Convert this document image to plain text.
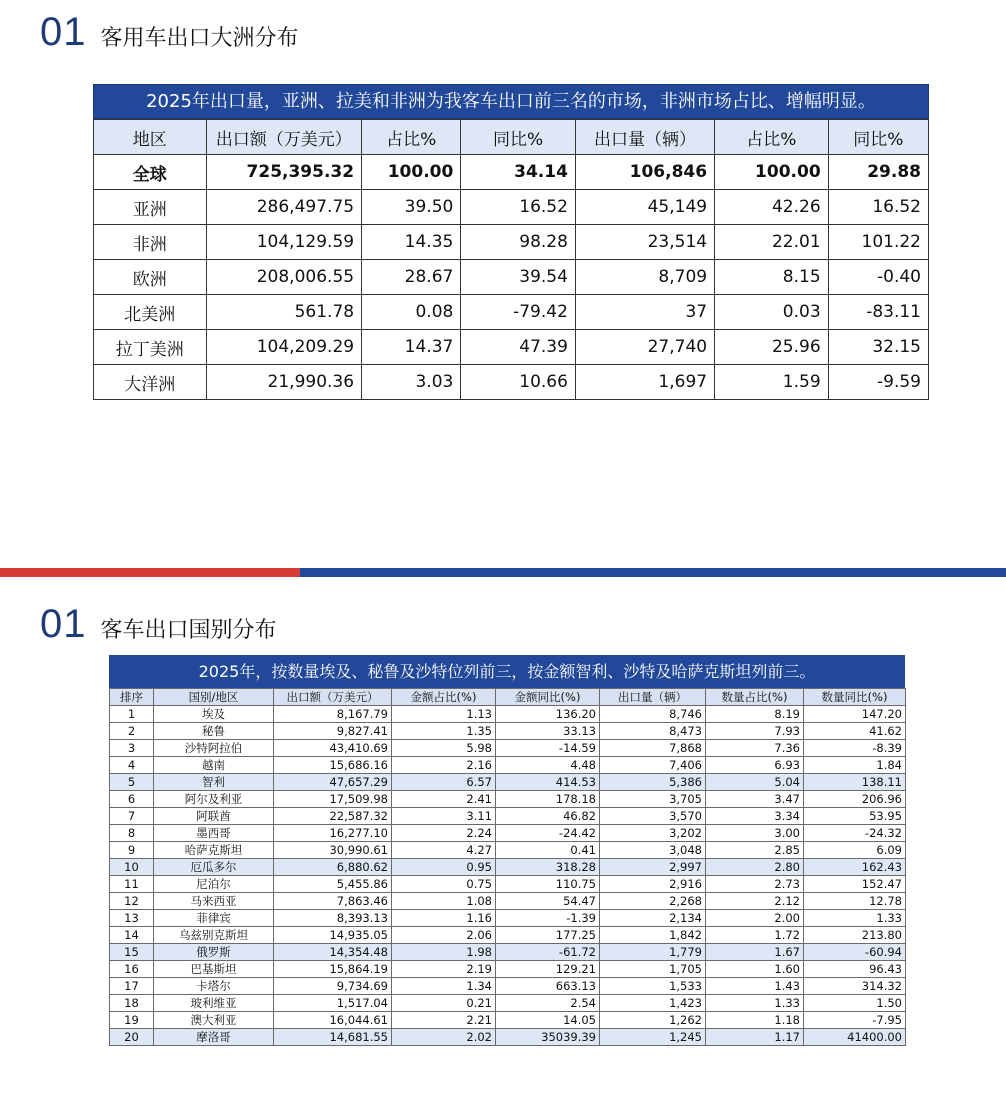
01 客用车出口大洲分布
2025年出口量，亚洲、拉美和非洲为我客车出口前三名的市场，非洲市场占比、增幅明显。
地区	出口额（万美元）	占比%	同比%	出口量（辆）	占比%	同比%
全球	725,395.32	100.00	34.14	106,846	100.00	29.88
亚洲	286,497.75	39.50	16.52	45,149	42.26	16.52
非洲	104,129.59	14.35	98.28	23,514	22.01	101.22
欧洲	208,006.55	28.67	39.54	8,709	8.15	-0.40
北美洲	561.78	0.08	-79.42	37	0.03	-83.11
拉丁美洲	104,209.29	14.37	47.39	27,740	25.96	32.15
大洋洲	21,990.36	3.03	10.66	1,697	1.59	-9.59
01 客车出口国别分布
2025年，按数量埃及、秘鲁及沙特位列前三，按金额智利、沙特及哈萨克斯坦列前三。
排序	国别/地区	出口额（万美元）	金额占比(%)	金额同比(%)	出口量（辆）	数量占比(%)	数量同比(%)
1	埃及	8,167.79	1.13	136.20	8,746	8.19	147.20
2	秘鲁	9,827.41	1.35	33.13	8,473	7.93	41.62
3	沙特阿拉伯	43,410.69	5.98	-14.59	7,868	7.36	-8.39
4	越南	15,686.16	2.16	4.48	7,406	6.93	1.84
5	智利	47,657.29	6.57	414.53	5,386	5.04	138.11
6	阿尔及利亚	17,509.98	2.41	178.18	3,705	3.47	206.96
7	阿联酋	22,587.32	3.11	46.82	3,570	3.34	53.95
8	墨西哥	16,277.10	2.24	-24.42	3,202	3.00	-24.32
9	哈萨克斯坦	30,990.61	4.27	0.41	3,048	2.85	6.09
10	厄瓜多尔	6,880.62	0.95	318.28	2,997	2.80	162.43
11	尼泊尔	5,455.86	0.75	110.75	2,916	2.73	152.47
12	马来西亚	7,863.46	1.08	54.47	2,268	2.12	12.78
13	菲律宾	8,393.13	1.16	-1.39	2,134	2.00	1.33
14	乌兹别克斯坦	14,935.05	2.06	177.25	1,842	1.72	213.80
15	俄罗斯	14,354.48	1.98	-61.72	1,779	1.67	-60.94
16	巴基斯坦	15,864.19	2.19	129.21	1,705	1.60	96.43
17	卡塔尔	9,734.69	1.34	663.13	1,533	1.43	314.32
18	玻利维亚	1,517.04	0.21	2.54	1,423	1.33	1.50
19	澳大利亚	16,044.61	2.21	14.05	1,262	1.18	-7.95
20	摩洛哥	14,681.55	2.02	35039.39	1,245	1.17	41400.00
